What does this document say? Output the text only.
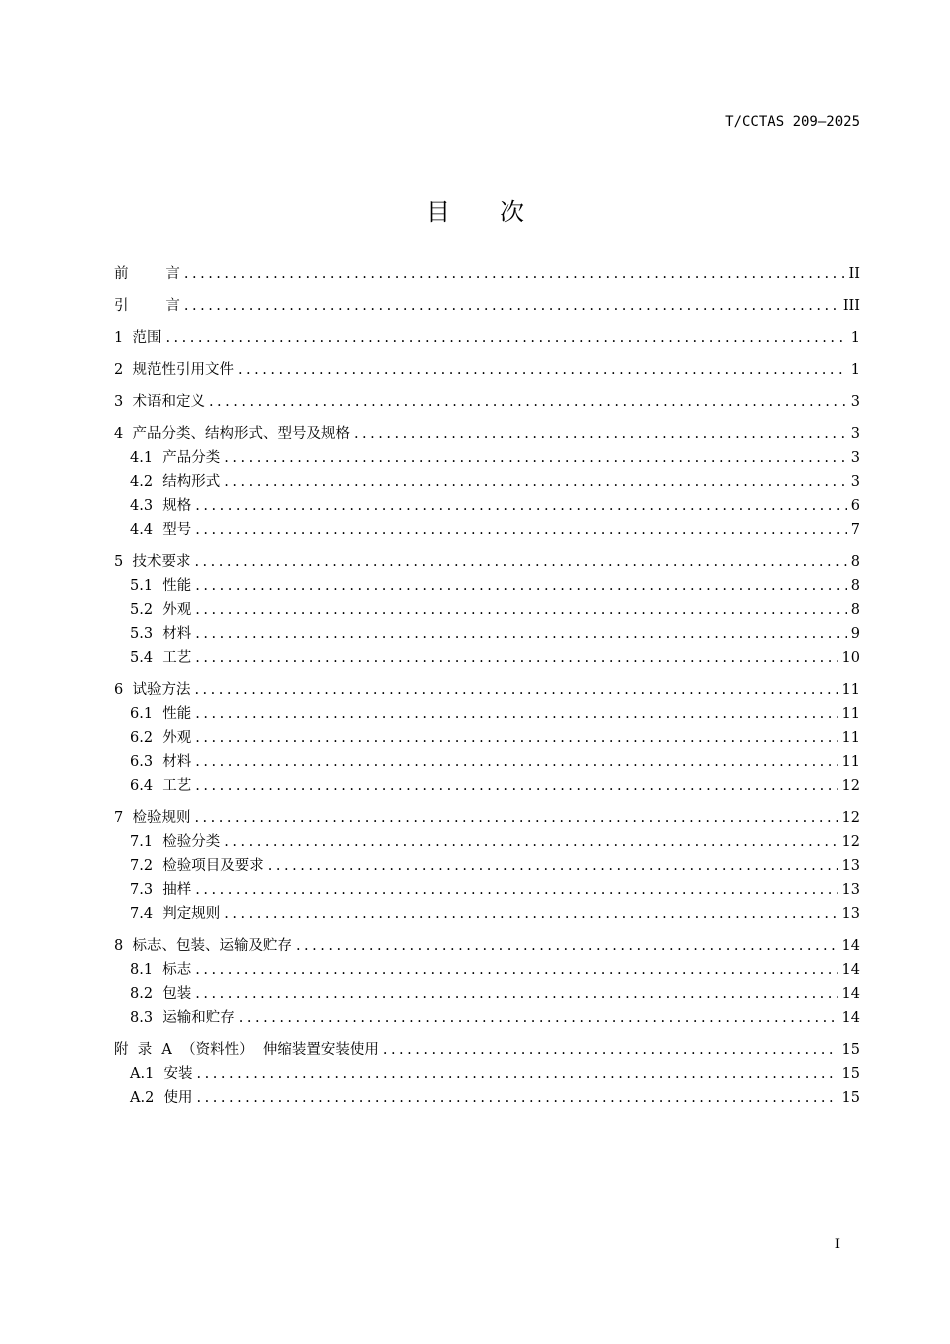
T/CCTAS 209—2025
目 次
前        言 .....	II
引        言 .....	III
1  范围 .....	1
2  规范性引用文件 .....	1
3  术语和定义 .....	3
4  产品分类、结构形式、型号及规格 .....	3
4.1  产品分类 .....	3
4.2  结构形式 .....	3
4.3  规格 .....	6
4.4  型号 .....	7
5  技术要求 .....	8
5.1  性能 .....	8
5.2  外观 .....	8
5.3  材料 .....	9
5.4  工艺 .....	10
6  试验方法 .....	11
6.1  性能 .....	11
6.2  外观 .....	11
6.3  材料 .....	11
6.4  工艺 .....	12
7  检验规则 .....	12
7.1  检验分类 .....	12
7.2  检验项目及要求 .....	13
7.3  抽样 .....	13
7.4  判定规则 .....	13
8  标志、包装、运输及贮存 .....	14
8.1  标志 .....	14
8.2  包装 .....	14
8.3  运输和贮存 .....	14
附  录  A  （资料性）  伸缩装置安装使用 .....	15
A.1  安装 .....	15
A.2  使用 .....	15
I
